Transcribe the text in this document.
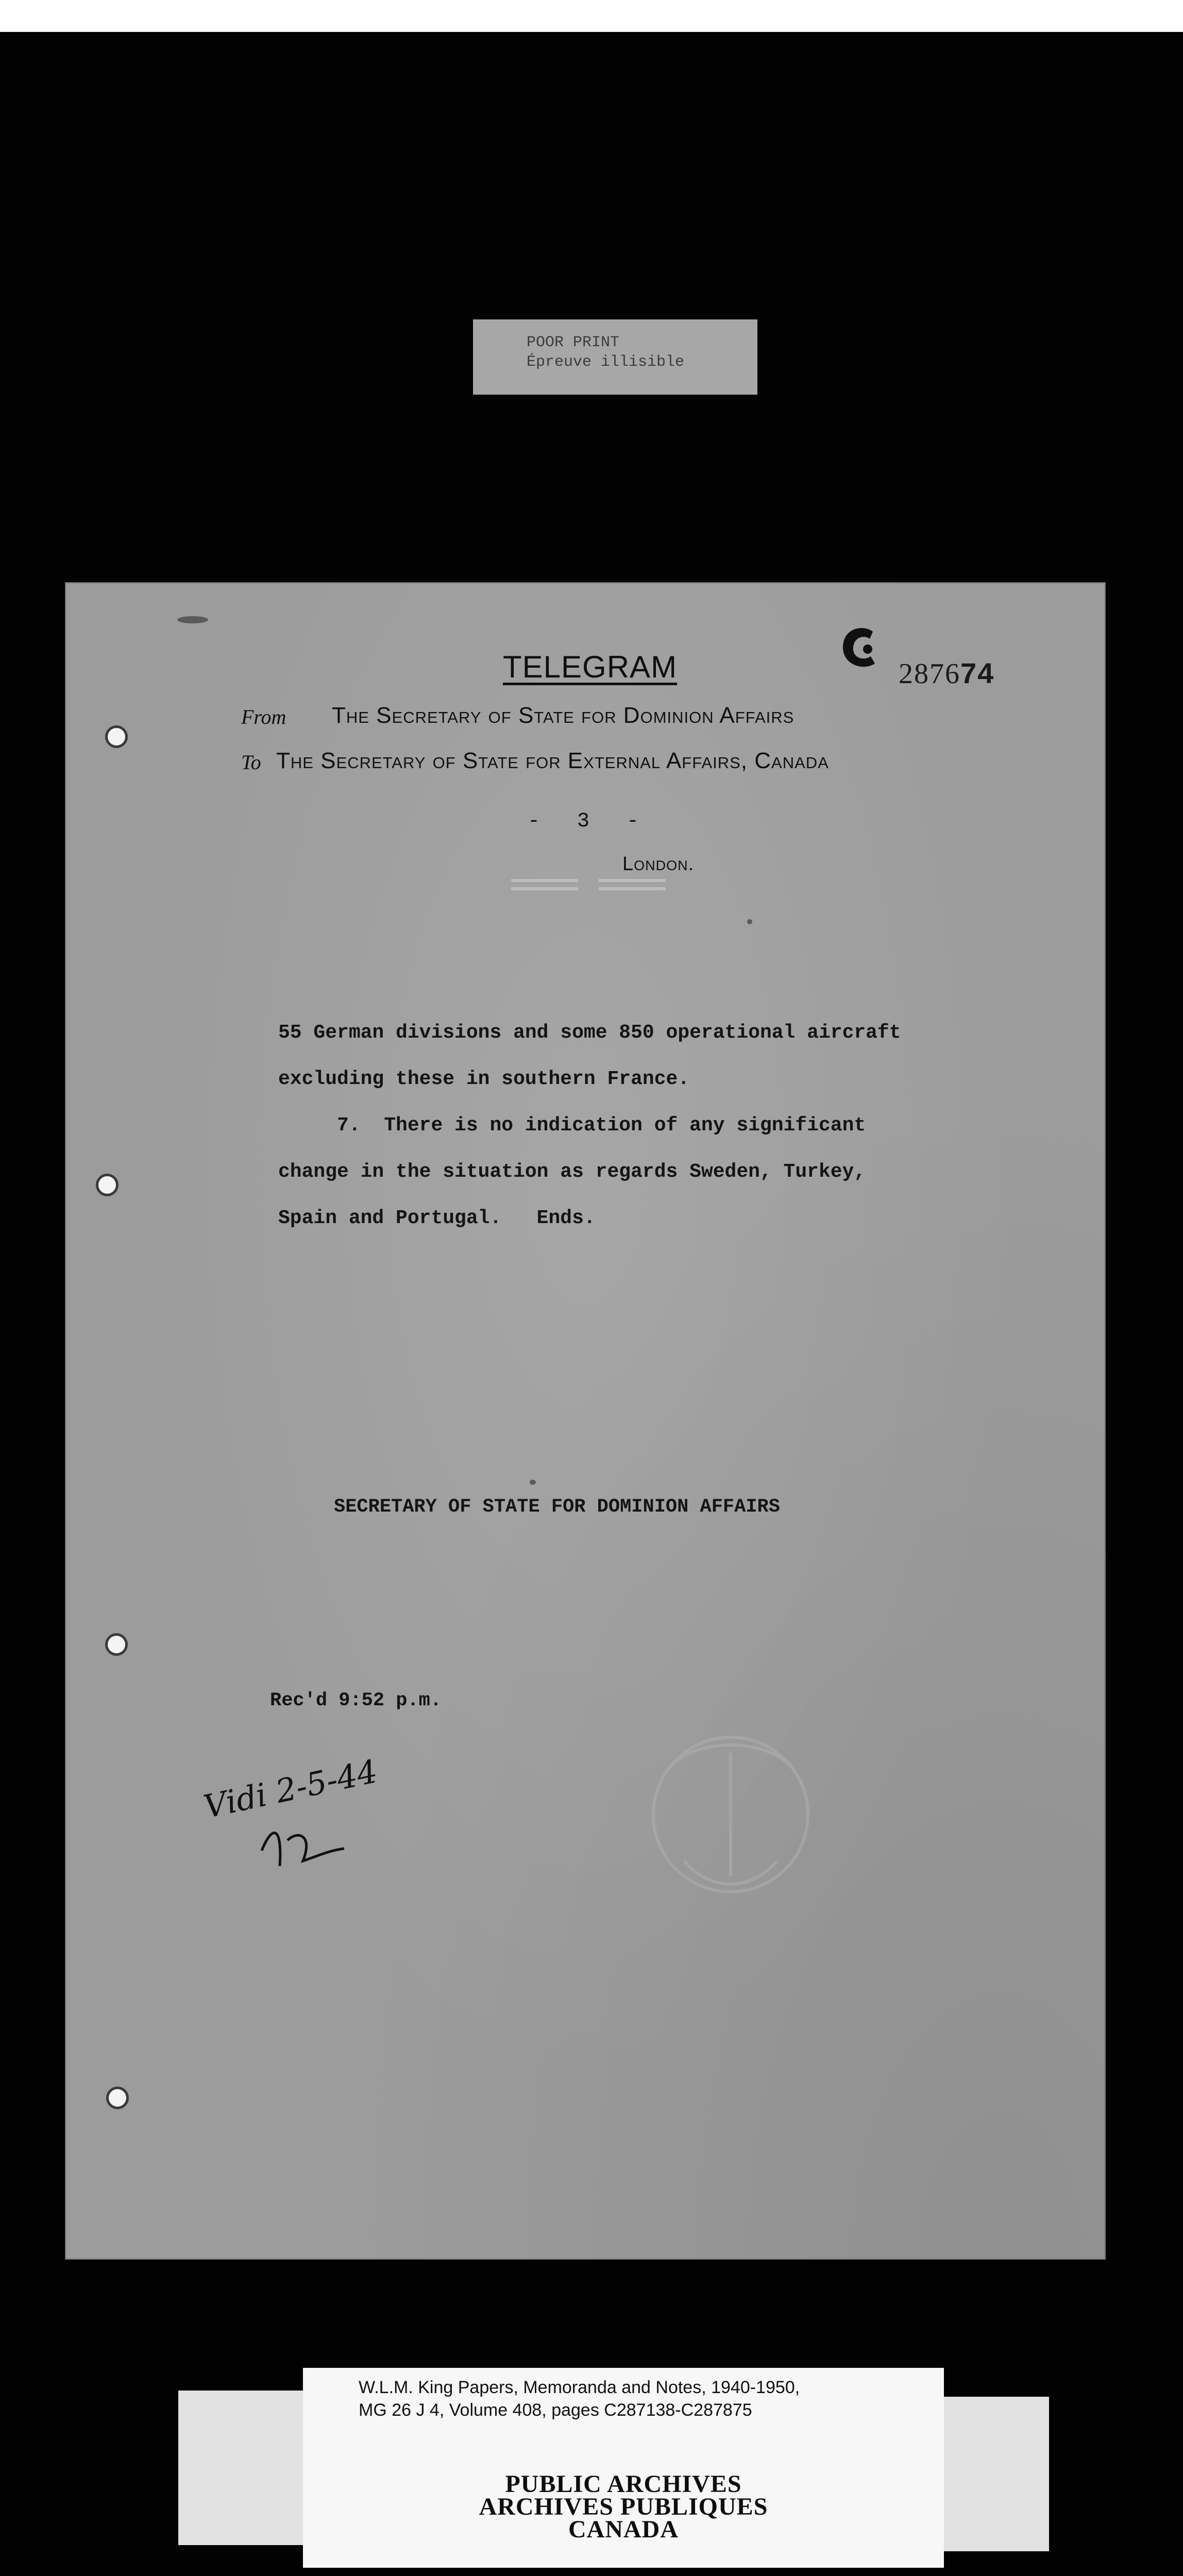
POOR PRINT
Épreuve illisible
TELEGRAM	287674
From The Secretary of State for Dominion Affairs
To The Secretary of State for External Affairs, Canada
-   3   -
London.

55 German divisions and some 850 operational aircraft

excluding these in southern France.

7.  There is no indication of any significant

change in the situation as regards Sweden, Turkey,

Spain and Portugal.   Ends.

SECRETARY OF STATE FOR DOMINION AFFAIRS
Rec'd 9:52 p.m.
Vidi 2-5-44
W.L.M. King Papers, Memoranda and Notes, 1940-1950,
MG 26 J 4, Volume 408, pages C287138-C287875
PUBLIC ARCHIVES
ARCHIVES PUBLIQUES
CANADA
